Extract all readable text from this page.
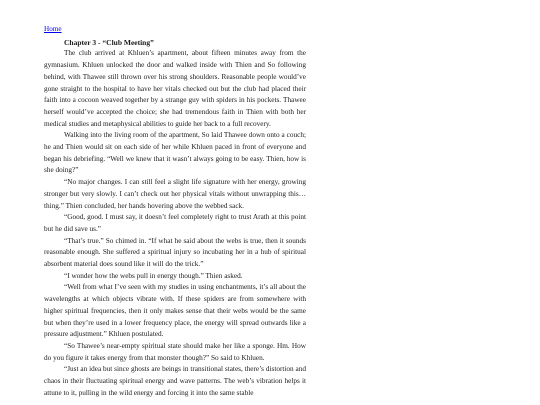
Home

Chapter 3 - “Club Meeting”

The club arrived at Khluen’s apartment, about fifteen minutes away from the gymnasium. Khluen unlocked the door and walked inside with Thien and So following behind, with Thawee still thrown over his strong shoulders. Reasonable people would’ve gone straight to the hospital to have her vitals checked out but the club had placed their faith into a cocoon weaved together by a strange guy with spiders in his pockets. Thawee herself would’ve accepted the choice; she had tremendous faith in Thien with both her medical studies and metaphysical abilities to guide her back to a full recovery.

Walking into the living room of the apartment, So laid Thawee down onto a couch; he and Thien would sit on each side of her while Khluen paced in front of everyone and began his debriefing. “Well we knew that it wasn’t always going to be easy. Thien, how is she doing?”

“No major changes. I can still feel a slight life signature with her energy, growing stronger but very slowly. I can’t check out her physical vitals without unwrapping this… thing.” Thien concluded, her hands hovering above the webbed sack.

“Good, good. I must say, it doesn’t feel completely right to trust Arath at this point but he did save us.”

“That’s true.” So chimed in. “If what he said about the webs is true, then it sounds reasonable enough. She suffered a spiritual injury so incubating her in a hub of spiritual absorbent material does sound like it will do the trick.”

“I wonder how the webs pull in energy though.” Thien asked.

“Well from what I’ve seen with my studies in using enchantments, it’s all about the wavelengths at which objects vibrate with. If these spiders are from somewhere with higher spiritual frequencies, then it only makes sense that their webs would be the same but when they’re used in a lower frequency place, the energy will spread outwards like a pressure adjustment.” Khluen postulated.

“So Thawee’s near-empty spiritual state should make her like a sponge. Hm. How do you figure it takes energy from that monster though?” So said to Khluen.

“Just an idea but since ghosts are beings in transitional states, there’s distortion and chaos in their fluctuating spiritual energy and wave patterns. The web’s vibration helps it attune to it, pulling in the wild energy and forcing it into the same stable
